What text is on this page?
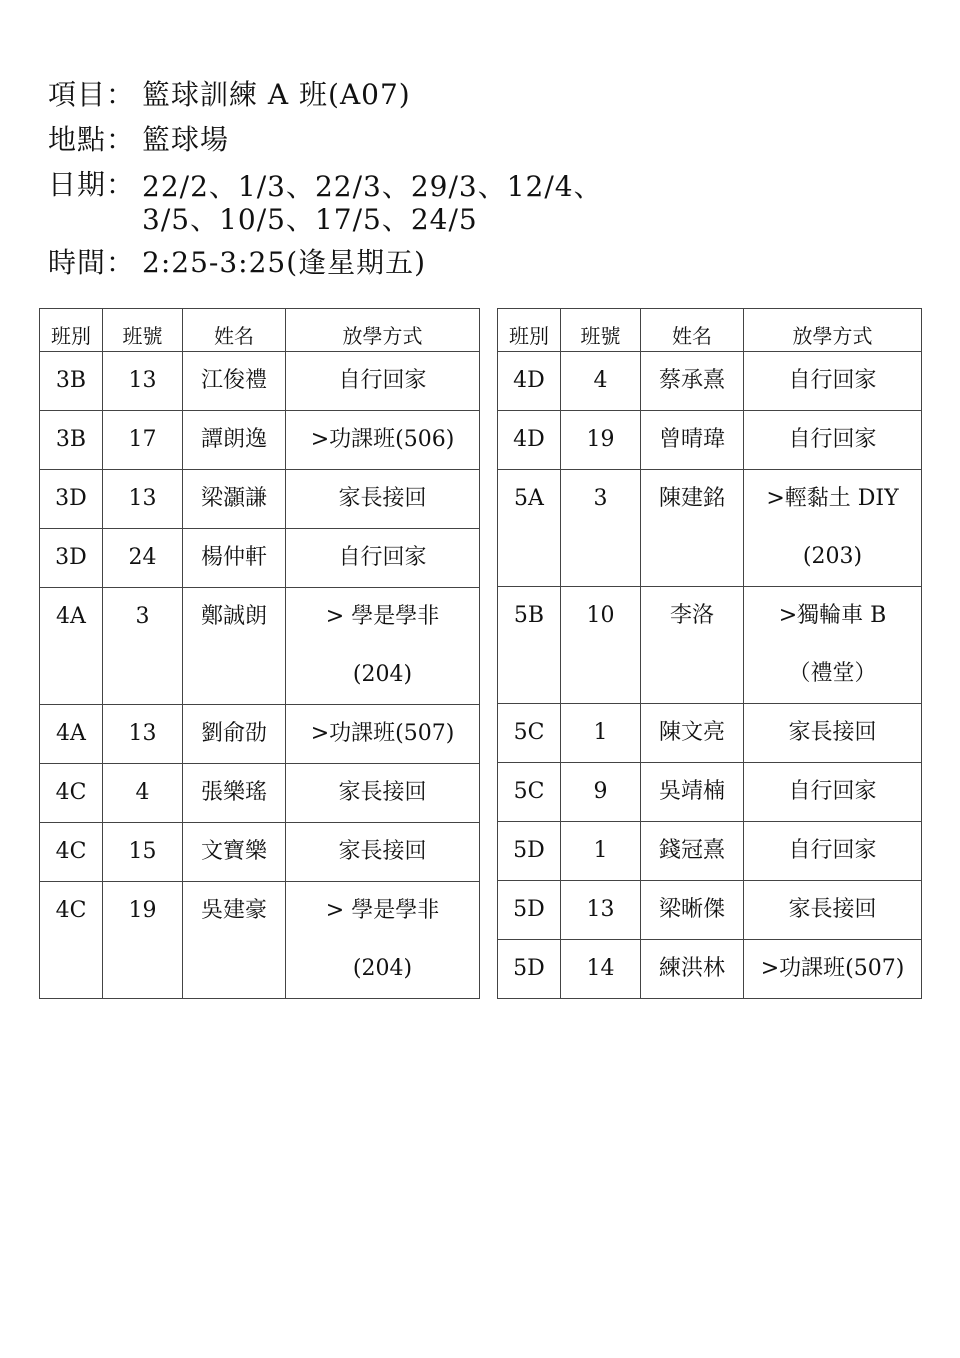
項目： 籃球訓練 A 班(A07)
地點： 籃球場
日期： 22/2、1/3、22/3、29/3、12/4、
3/5、10/5、17/5、24/5
時間： 2:25-3:25(逢星期五)
班別	班號	姓名	放學方式

3B	13	江俊禮	自行回家

3B	17	譚朗逸	>功課班(506)

3D	13	梁灝謙	家長接回

3D	24	楊仲軒	自行回家

4A	3	鄭誠朗	> 學是學非
(204)

4A	13	劉俞劭	>功課班(507)

4C	4	張樂瑤	家長接回

4C	15	文寶樂	家長接回

4C	19	吳建豪	> 學是學非
(204)
班別	班號	姓名	放學方式

4D	4	蔡承熹	自行回家

4D	19	曾晴瑋	自行回家

5A	3	陳建銘	>輕黏土 DIY
(203)

5B	10	李洛	>獨輪車 B
（禮堂）

5C	1	陳文亮	家長接回

5C	9	吳靖楠	自行回家

5D	1	錢冠熹	自行回家

5D	13	梁晰傑	家長接回

5D	14	練洪林	>功課班(507)
